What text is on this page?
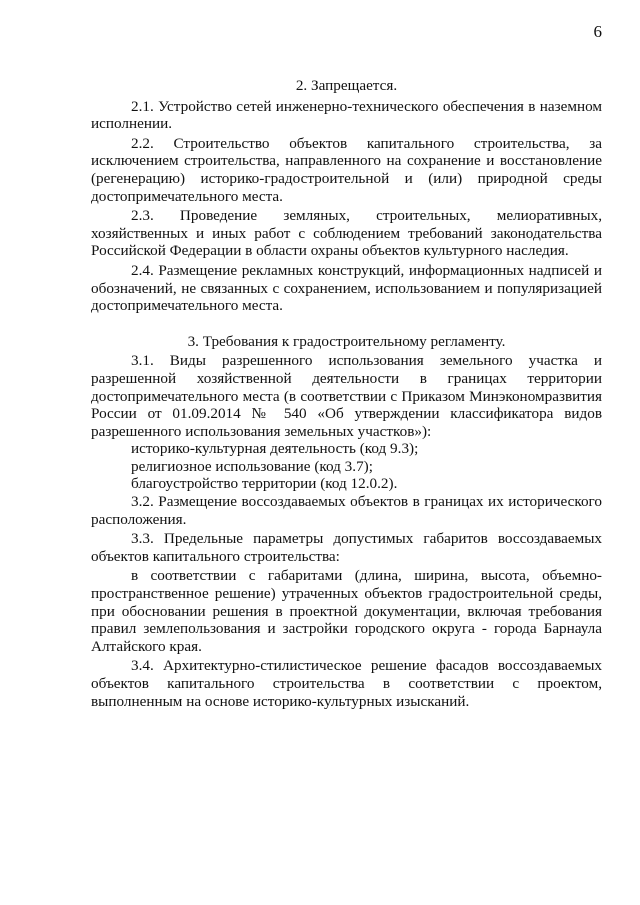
6

2. Запрещается.

2.1. Устройство сетей инженерно-технического обеспечения в наземном исполнении.

2.2. Строительство объектов капитального строительства, за исключением строительства, направленного на сохранение и восстановление (регенерацию) историко-градостроительной и (или) природной среды достопримечательного места.

2.3. Проведение земляных, строительных, мелиоративных, хозяйственных и иных работ с соблюдением требований законодательства Российской Федерации в области охраны объектов культурного наследия.

2.4. Размещение рекламных конструкций, информационных надписей и обозначений, не связанных с сохранением, использованием и популяризацией достопримечательного места.

3. Требования к градостроительному регламенту.

3.1. Виды разрешенного использования земельного участка и разрешенной хозяйственной деятельности в границах территории достопримечательного места (в соответствии с Приказом Минэкономразвития России от 01.09.2014 № 540 «Об утверждении классификатора видов разрешенного использования земельных участков»):

историко-культурная деятельность (код 9.3);
религиозное использование (код 3.7);
благоустройство территории (код 12.0.2).

3.2. Размещение воссоздаваемых объектов в границах их исторического расположения.

3.3. Предельные параметры допустимых габаритов воссоздаваемых объектов капитального строительства:

в соответствии с габаритами (длина, ширина, высота, объемно-пространственное решение) утраченных объектов градостроительной среды, при обосновании решения в проектной документации, включая требования правил землепользования и застройки городского округа - города Барнаула Алтайского края.

3.4. Архитектурно-стилистическое решение фасадов воссоздаваемых объектов капитального строительства в соответствии с проектом, выполненным на основе историко-культурных изысканий.
